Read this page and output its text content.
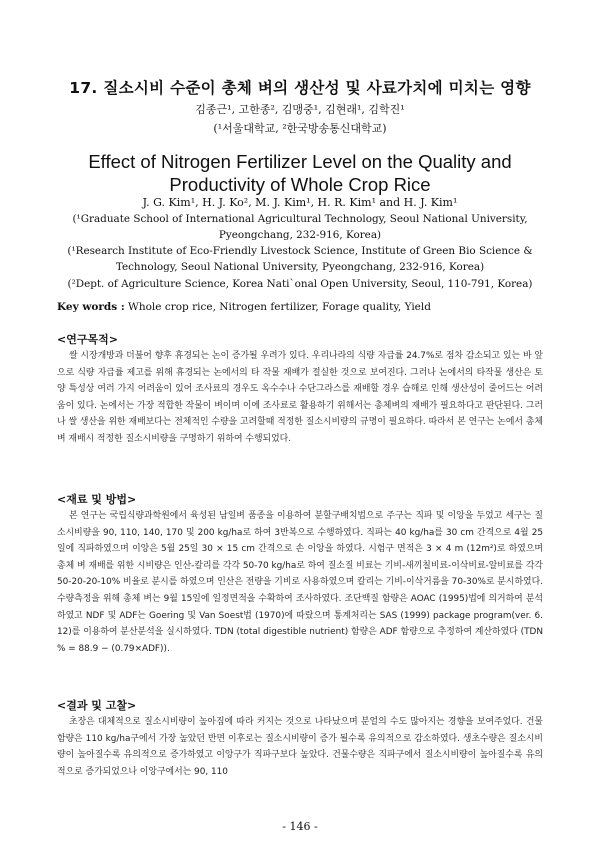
17. 질소시비 수준이 총체 벼의 생산성 및 사료가치에 미치는 영향
김종근¹, 고한종², 김맹중¹, 김현래¹, 김학진¹
(¹서울대학교, ²한국방송통신대학교)
Effect of Nitrogen Fertilizer Level on the Quality and Productivity of Whole Crop Rice
J. G. Kim¹, H. J. Ko², M. J. Kim¹, H. R. Kim¹ and H. J. Kim¹
(¹Graduate School of International Agricultural Technology, Seoul National University, Pyeongchang, 232-916, Korea)
(¹Research Institute of Eco-Friendly Livestock Science, Institute of Green Bio Science & Technology, Seoul National University, Pyeongchang, 232-916, Korea)
(²Dept. of Agriculture Science, Korea Nati`onal Open University, Seoul, 110-791, Korea)
Key words : Whole crop rice, Nitrogen fertilizer, Forage quality, Yield
<연구목적>
쌀 시장개방과 더불어 향후 휴경되는 논이 증가될 우려가 있다. 우리나라의 식량 자급률 24.7%로 점차 감소되고 있는 바 앞으로 식량 자급률 제고를 위해 휴경되는 논에서의 타 작물 재배가 절실한 것으로 보여진다. 그러나 논에서의 타작물 생산은 토양 특성상 여러 가지 어려움이 있어 조사료의 경우도 옥수수나 수단그라스를 재배할 경우 습해로 인해 생산성이 줄어드는 어려움이 있다. 논에서는 가장 적합한 작물이 벼이며 이에 조사료로 활용하기 위해서는 총체벼의 재배가 필요하다고 판단된다. 그러나 쌀 생산을 위한 재배보다는 전체적인 수량을 고려할때 적정한 질소시비량의 규명이 필요하다. 따라서 본 연구는 논에서 총체벼 재배시 적정한 질소시비량을 구명하기 위하여 수행되었다.
<재료 및 방법>
본 연구는 국립식량과학원에서 육성된 남일벼 품종을 이용하여 분할구배치법으로 주구는 직파 및 이앙을 두었고 세구는 질소시비량을 90, 110, 140, 170 및 200 kg/ha로 하여 3반복으로 수행하였다. 직파는 40 kg/ha를 30 cm 간격으로 4월 25일에 직파하였으며 이앙은 5월 25일 30 × 15 cm 간격으로 손 이앙을 하였다. 시험구 면적은 3 × 4 m (12m²)로 하였으며 총체 벼 재배를 위한 시비량은 인산-칼리를 각각 50-70 kg/ha로 하여 질소질 비료는 기비-새끼칠비료-이삭비료-알비료를 각각 50-20-20-10% 비율로 분시를 하였으며 인산은 전량을 기비로 사용하였으며 칼리는 기비-이삭거름을 70-30%로 분시하였다. 수량측정을 위해 총체 벼는 9월 15일에 일정면적을 수확하여 조사하였다. 조단백질 함량은 AOAC (1995)법에 의거하여 분석하였고 NDF 및 ADF는 Goering 및 Van Soest법 (1970)에 따랐으며 통계처리는 SAS (1999) package program(ver. 6. 12)를 이용하여 분산분석을 실시하였다. TDN (total digestible nutrient) 함량은 ADF 함량으로 추정하여 계산하였다 (TDN % = 88.9 − (0.79×ADF)).
<결과 및 고찰>
초장은 대체적으로 질소시비량이 높아짐에 따라 커지는 것으로 나타났으며 분얼의 수도 많아지는 경향을 보여주었다. 건물함량은 110 kg/ha구에서 가장 높았던 반면 이후로는 질소시비량이 증가 될수록 유의적으로 감소하였다. 생초수량은 질소시비량이 높아질수록 유의적으로 증가하였고 이앙구가 직파구보다 높았다. 건물수량은 직파구에서 질소시비량이 높아질수록 유의적으로 증가되었으나 이앙구에서는 90, 110
- 146 -
